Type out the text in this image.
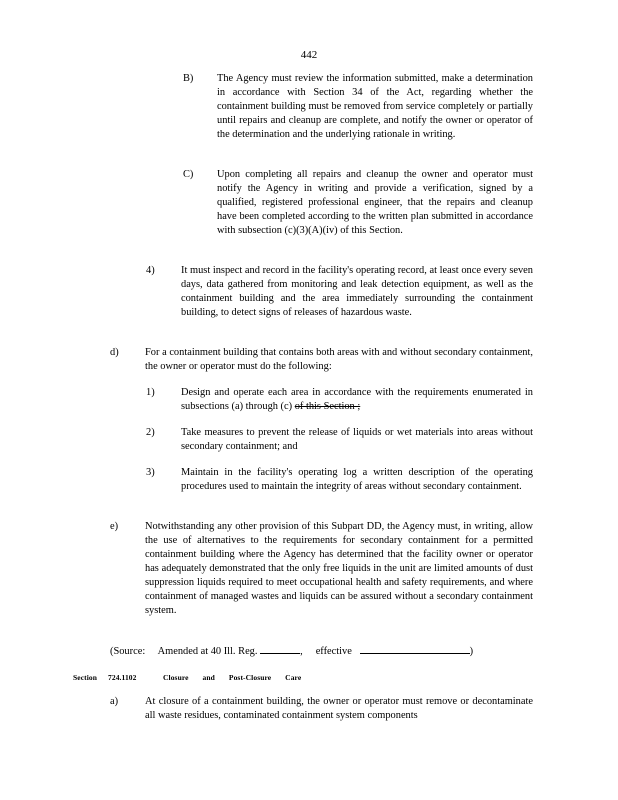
442
B) The Agency must review the information submitted, make a determination in accordance with Section 34 of the Act, regarding whether the containment building must be removed from service completely or partially until repairs and cleanup are complete, and notify the owner or operator of the determination and the underlying rationale in writing.
C) Upon completing all repairs and cleanup the owner and operator must notify the Agency in writing and provide a verification, signed by a qualified, registered professional engineer, that the repairs and cleanup have been completed according to the written plan submitted in accordance with subsection (c)(3)(A)(iv) of this Section.
4)	It must inspect and record in the facility's operating record, at least once every seven days, data gathered from monitoring and leak detection equipment, as well as the containment building and the area immediately surrounding the containment building, to detect signs of releases of hazardous waste.
d)	For a containment building that contains both areas with and without secondary containment, the owner or operator must do the following:
1)	Design and operate each area in accordance with the requirements enumerated in subsections (a) through (c) of this Section ;
2)	Take measures to prevent the release of liquids or wet materials into areas without secondary containment; and
3)	Maintain in the facility's operating log a written description of the operating procedures used to maintain the integrity of areas without secondary containment.
e)	Notwithstanding any other provision of this Subpart DD, the Agency must, in writing, allow the use of alternatives to the requirements for secondary containment for a permitted containment building where the Agency has determined that the facility owner or operator has adequately demonstrated that the only free liquids in the unit are limited amounts of dust suppression liquids required to meet occupational health and safety requirements, and where containment of managed wastes and liquids can be assured without a secondary containment system.
(Source: Amended at 40 Ill. Reg.	, effective	)
Section 724.1102	Closure and Post-Closure Care
a)	At closure of a containment building, the owner or operator must remove or decontaminate all waste residues, contaminated containment system components
